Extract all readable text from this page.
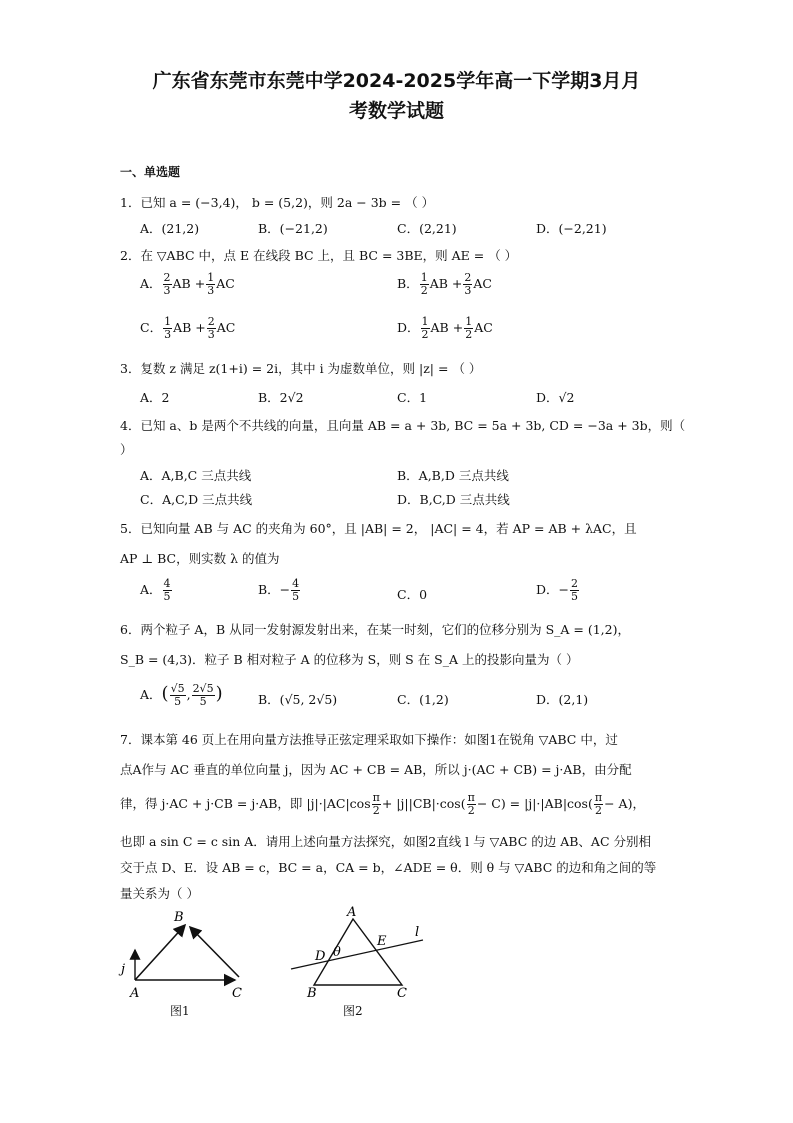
广东省东莞市东莞中学2024-2025学年高一下学期3月月
考数学试题
一、单选题
1．已知 a = (−3,4)， b = (5,2)，则 2a − 3b = （ ）
A．(21,2)	B．(−21,2)	C．(2,21)	D．(−2,21)
2．在 ▽ABC 中，点 E 在线段 BC 上，且 BC = 3BE，则 AE = （ ）
A． $\frac{2}{3}$ AB + $\frac{1}{3}$ AC	B． $\frac{1}{2}$ AB + $\frac{2}{3}$ AC
C． $\frac{1}{3}$ AB + $\frac{2}{3}$ AC	D． $\frac{1}{2}$ AB + $\frac{1}{2}$ AC
3．复数 z 满足 z(1+i) = 2i，其中 i 为虚数单位，则 |z| = （ ）
A．2	B．2√2	C．1	D．√2
4．已知 a、b 是两个不共线的向量，且向量 AB = a + 3b, BC = 5a + 3b, CD = −3a + 3b，则（
）
A．A,B,C 三点共线	B．A,B,D 三点共线
C．A,C,D 三点共线	D．B,C,D 三点共线
5．已知向量 AB 与 AC 的夹角为 60°，且 |AB| = 2， |AC| = 4，若 AP = AB + λAC，且
AP ⊥ BC，则实数 λ 的值为
A． $\frac{4}{5}$	B．− $\frac{4}{5}$	C．0	D．− $\frac{2}{5}$
6．两个粒子 A，B 从同一发射源发射出来，在某一时刻，它们的位移分别为 S_A = (1,2)，
S_B = (4,3)．粒子 B 相对粒子 A 的位移为 S，则 S 在 S_A 上的投影向量为（ ）
A．( $\frac{√5}{5}$ , $\frac{2√5}{5}$ )	B．(√5, 2√5)	C．(1,2)	D．(2,1)
7．课本第 46 页上在用向量方法推导正弦定理采取如下操作：如图1在锐角 ▽ABC 中，过
点A作与 AC 垂直的单位向量 j，因为 AC + CB = AB，所以 j·(AC + CB) = j·AB，由分配
律，得 j·AC + j·CB = j·AB，即 $|j|\cdot|AC|\cos \frac{\pi}{2} + |j||CB|\cdot\cos( \frac{\pi}{2} - C) = |j|\cdot|AB|\cos( \frac{\pi}{2} - A)$，
也即 a sin C = c sin A．请用上述向量方法探究，如图2直线 l 与 ▽ABC 的边 AB、AC 分别相
交于点 D、E．设 AB = c，BC = a，CA = b，∠ADE = θ．则 θ 与 ▽ABC 的边和角之间的等
量关系为（ ）
B
A	C
j
图1
A
B	C
D
E
l
θ
图2
